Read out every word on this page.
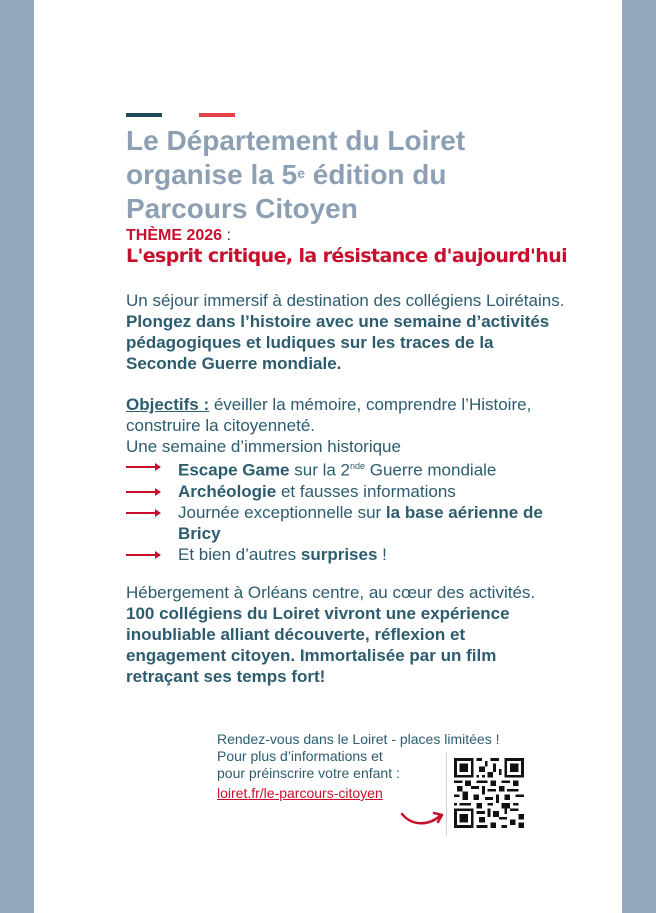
Le Département du Loiret
organise la 5e édition du
Parcours Citoyen

THÈME 2026 :

L'esprit critique, la résistance d'aujourd'hui

Un séjour immersif à destination des collégiens Loirétains. Plongez dans l’histoire avec une semaine d’activités pédagogiques et ludiques sur les traces de la Seconde Guerre mondiale.

Objectifs : éveiller la mémoire, comprendre l’Histoire, construire la citoyenneté.
Une semaine d’immersion historique

Escape Game sur la 2nde Guerre mondiale
Archéologie et fausses informations
Journée exceptionnelle sur la base aérienne de Bricy
Et bien d’autres surprises !

Hébergement à Orléans centre, au cœur des activités.
100 collégiens du Loiret vivront une expérience inoubliable alliant découverte, réflexion et engagement citoyen. Immortalisée par un film retraçant ses temps fort!

Rendez-vous dans le Loiret - places limitées !

Pour plus d’informations et

pour préinscrire votre enfant :

loiret.fr/le-parcours-citoyen
